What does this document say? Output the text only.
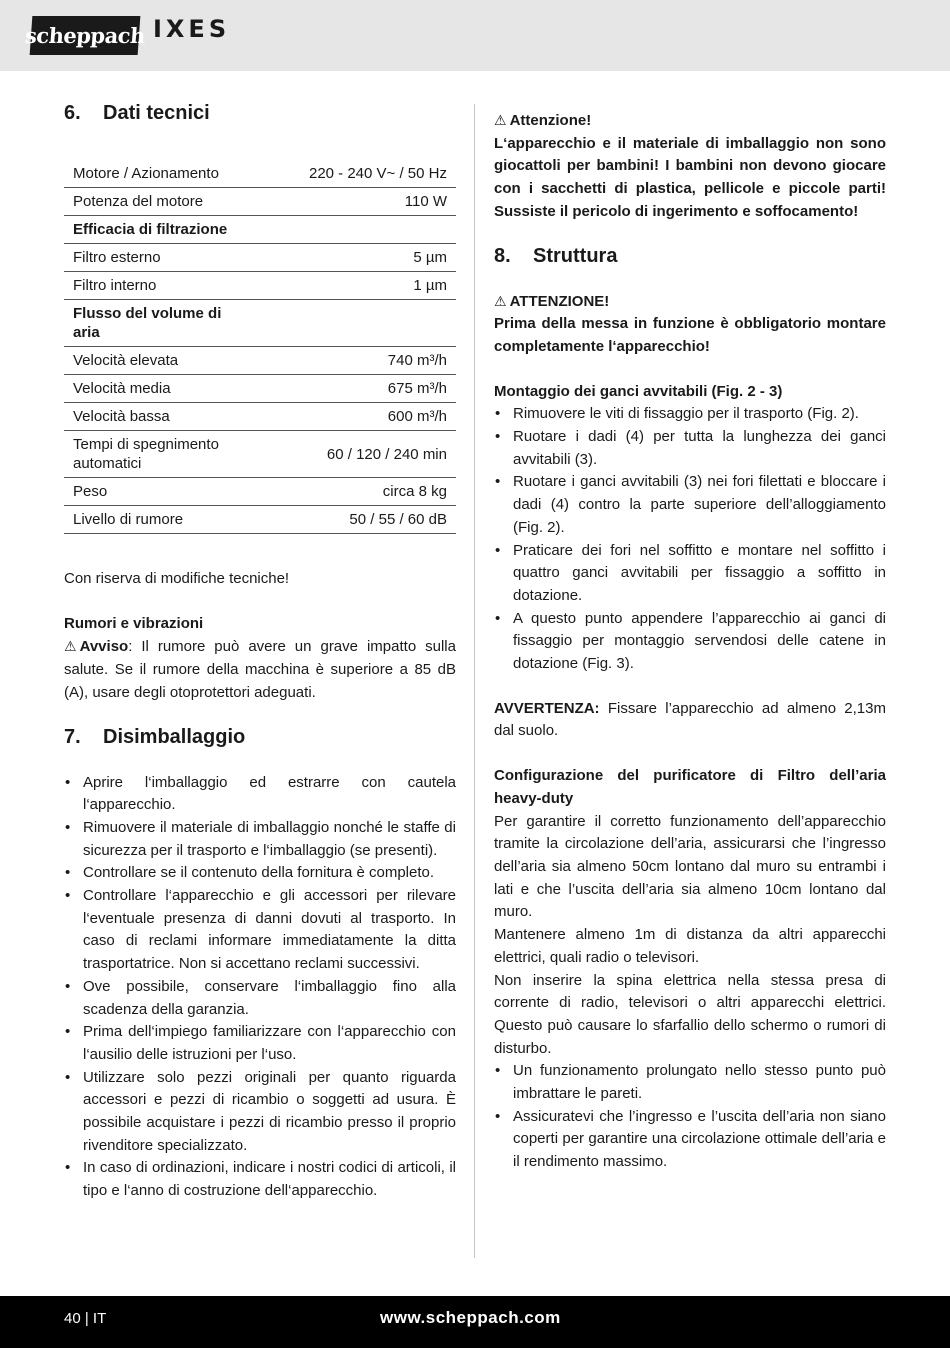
scheppach IXES
6.	Dati tecnici
Motore / Azionamento	220 - 240 V~ / 50 Hz
Potenza del motore	110 W
Efficacia di filtrazione	
Filtro esterno	5 µm
Filtro interno	1 µm
Flusso del volume di aria	
Velocità elevata	740 m³/h
Velocità media	675 m³/h
Velocità bassa	600 m³/h
Tempi di spegnimento automatici	60 / 120 / 240 min
Peso	circa 8 kg
Livello di rumore	50 / 55 / 60 dB

Con riserva di modifiche tecniche!

Rumori e vibrazioni

⚠ Avviso: Il rumore può avere un grave impatto sulla salute. Se il rumore della macchina è superiore a 85 dB (A), usare degli otoprotettori adeguati.

7.	Disimballaggio
• Aprire l‘imballaggio ed estrarre con cautela l‘apparecchio.
• Rimuovere il materiale di imballaggio nonché le staffe di sicurezza per il trasporto e l‘imballaggio (se presenti).
• Controllare se il contenuto della fornitura è completo.
• Controllare l‘apparecchio e gli accessori per rilevare l‘eventuale presenza di danni dovuti al trasporto. In caso di reclami informare immediatamente la ditta trasportatrice. Non si accettano reclami successivi.
• Ove possibile, conservare l‘imballaggio fino alla scadenza della garanzia.
• Prima dell‘impiego familiarizzare con l‘apparecchio con l‘ausilio delle istruzioni per l‘uso.
• Utilizzare solo pezzi originali per quanto riguarda accessori e pezzi di ricambio o soggetti ad usura. È possibile acquistare i pezzi di ricambio presso il proprio rivenditore specializzato.
• In caso di ordinazioni, indicare i nostri codici di articoli, il tipo e l‘anno di costruzione dell‘apparecchio.

⚠ Attenzione!

L‘apparecchio e il materiale di imballaggio non sono giocattoli per bambini! I bambini non devono giocare con i sacchetti di plastica, pellicole e piccole parti! Sussiste il pericolo di ingerimento e soffocamento!

8.	Struttura

⚠ ATTENZIONE!

Prima della messa in funzione è obbligatorio montare completamente l‘apparecchio!

Montaggio dei ganci avvitabili (Fig. 2 - 3)

• Rimuovere le viti di fissaggio per il trasporto (Fig. 2).
• Ruotare i dadi (4) per tutta la lunghezza dei ganci avvitabili (3).
• Ruotare i ganci avvitabili (3) nei fori filettati e bloccare i dadi (4) contro la parte superiore dell’alloggiamento (Fig. 2).
• Praticare dei fori nel soffitto e montare nel soffitto i quattro ganci avvitabili per fissaggio a soffitto in dotazione.
• A questo punto appendere l’apparecchio ai ganci di fissaggio per montaggio servendosi delle catene in dotazione (Fig. 3).

AVVERTENZA: Fissare l’apparecchio ad almeno 2,13m dal suolo.

Configurazione del purificatore di Filtro dell’aria heavy-duty

Per garantire il corretto funzionamento dell’apparecchio tramite la circolazione dell’aria, assicurarsi che l’ingresso dell’aria sia almeno 50cm lontano dal muro su entrambi i lati e che l’uscita dell’aria sia almeno 10cm lontano dal muro.

Mantenere almeno 1m di distanza da altri apparecchi elettrici, quali radio o televisori.

Non inserire la spina elettrica nella stessa presa di corrente di radio, televisori o altri apparecchi elettrici. Questo può causare lo sfarfallio dello schermo o rumori di disturbo.

• Un funzionamento prolungato nello stesso punto può imbrattare le pareti.
• Assicuratevi che l’ingresso e l’uscita dell’aria non siano coperti per garantire una circolazione ottimale dell’aria e il rendimento massimo.
40 | IT	www.scheppach.com
